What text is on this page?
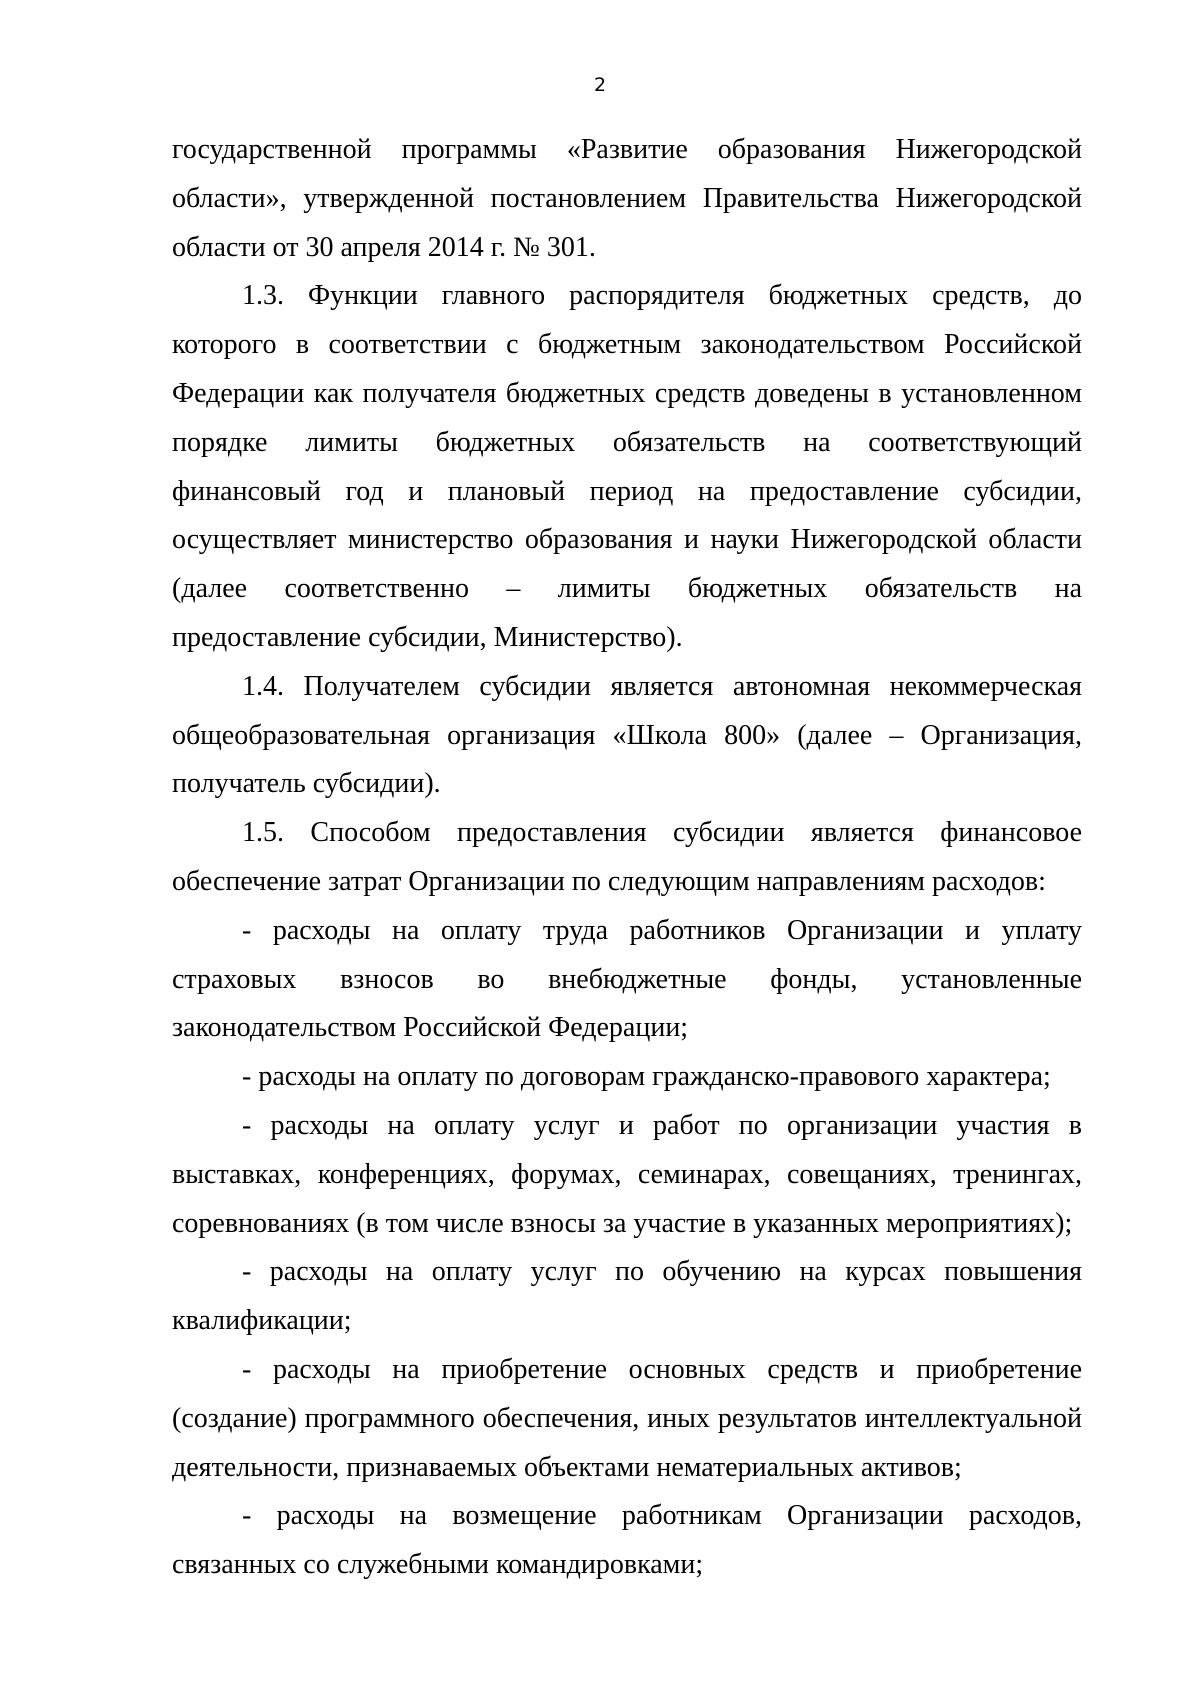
2

государственной программы «Развитие образования Нижегородской области», утвержденной постановлением Правительства Нижегородской области от 30 апреля 2014 г. № 301.

1.3. Функции главного распорядителя бюджетных средств, до которого в соответствии с бюджетным законодательством Российской Федерации как получателя бюджетных средств доведены в установленном порядке лимиты бюджетных обязательств на соответствующий финансовый год и плановый период на предоставление субсидии, осуществляет министерство образования и науки Нижегородской области (далее соответственно – лимиты бюджетных обязательств на предоставление субсидии, Министерство).

1.4. Получателем субсидии является автономная некоммерческая общеобразовательная организация «Школа 800» (далее – Организация, получатель субсидии).

1.5. Способом предоставления субсидии является финансовое обеспечение затрат Организации по следующим направлениям расходов:

- расходы на оплату труда работников Организации и уплату страховых взносов во внебюджетные фонды, установленные законодательством Российской Федерации;

- расходы на оплату по договорам гражданско-правового характера;

- расходы на оплату услуг и работ по организации участия в выставках, конференциях, форумах, семинарах, совещаниях, тренингах, соревнованиях (в том числе взносы за участие в указанных мероприятиях);

- расходы на оплату услуг по обучению на курсах повышения квалификации;

- расходы на приобретение основных средств и приобретение (создание) программного обеспечения, иных результатов интеллектуальной деятельности, признаваемых объектами нематериальных активов;

- расходы на возмещение работникам Организации расходов, связанных со служебными командировками;
